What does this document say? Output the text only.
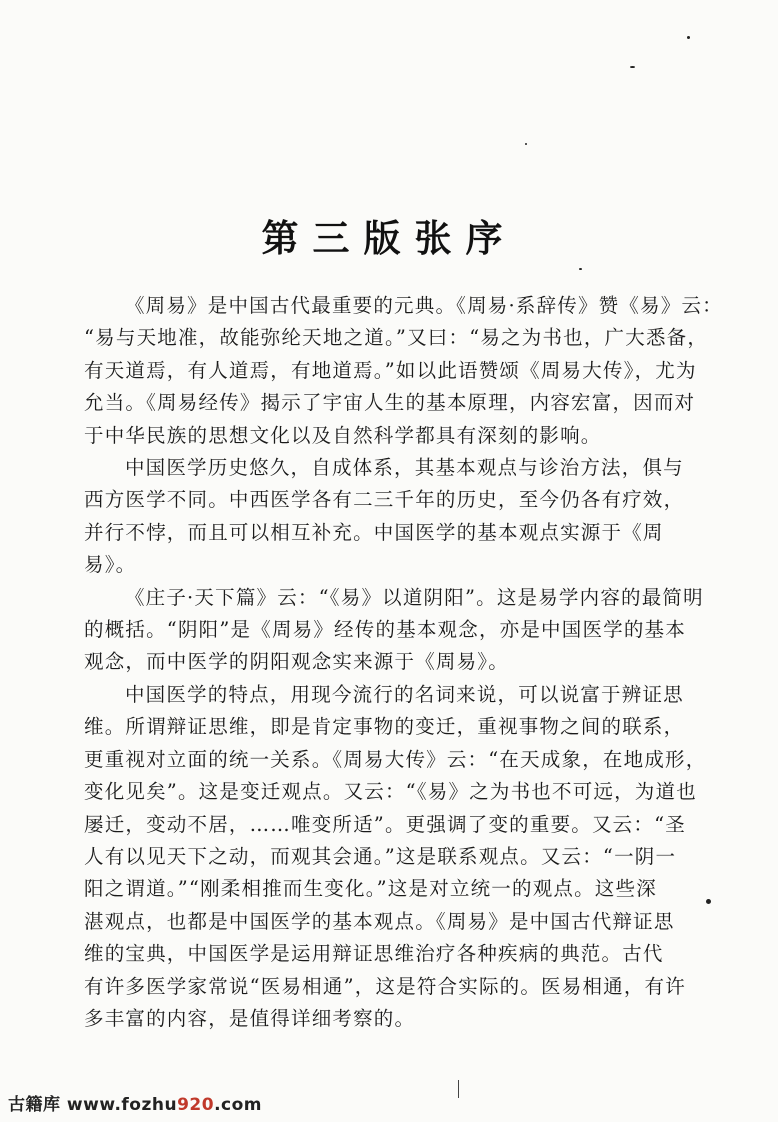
第三版张序
《周易》是中国古代最重要的元典。《周易·系辞传》赞《易》云：
“易与天地准，故能弥纶天地之道。”又曰：“易之为书也，广大悉备，
有天道焉，有人道焉，有地道焉。”如以此语赞颂《周易大传》，尤为
允当。《周易经传》揭示了宇宙人生的基本原理，内容宏富，因而对
于中华民族的思想文化以及自然科学都具有深刻的影响。
中国医学历史悠久，自成体系，其基本观点与诊治方法，俱与
西方医学不同。中西医学各有二三千年的历史，至今仍各有疗效，
并行不悖，而且可以相互补充。中国医学的基本观点实源于《周
易》。
《庄子·天下篇》云：“《易》以道阴阳”。这是易学内容的最简明
的概括。“阴阳”是《周易》经传的基本观念，亦是中国医学的基本
观念，而中医学的阴阳观念实来源于《周易》。
中国医学的特点，用现今流行的名词来说，可以说富于辨证思
维。所谓辩证思维，即是肯定事物的变迁，重视事物之间的联系，
更重视对立面的统一关系。《周易大传》云：“在天成象，在地成形，
变化见矣”。这是变迁观点。又云：“《易》之为书也不可远，为道也
屡迁，变动不居，……唯变所适”。更强调了变的重要。又云：“圣
人有以见天下之动，而观其会通。”这是联系观点。又云：“一阴一
阳之谓道。”“刚柔相推而生变化。”这是对立统一的观点。这些深
湛观点，也都是中国医学的基本观点。《周易》是中国古代辩证思
维的宝典，中国医学是运用辩证思维治疗各种疾病的典范。古代
有许多医学家常说“医易相通”，这是符合实际的。医易相通，有许
多丰富的内容，是值得详细考察的。
古籍库 www.fozhu920.com
